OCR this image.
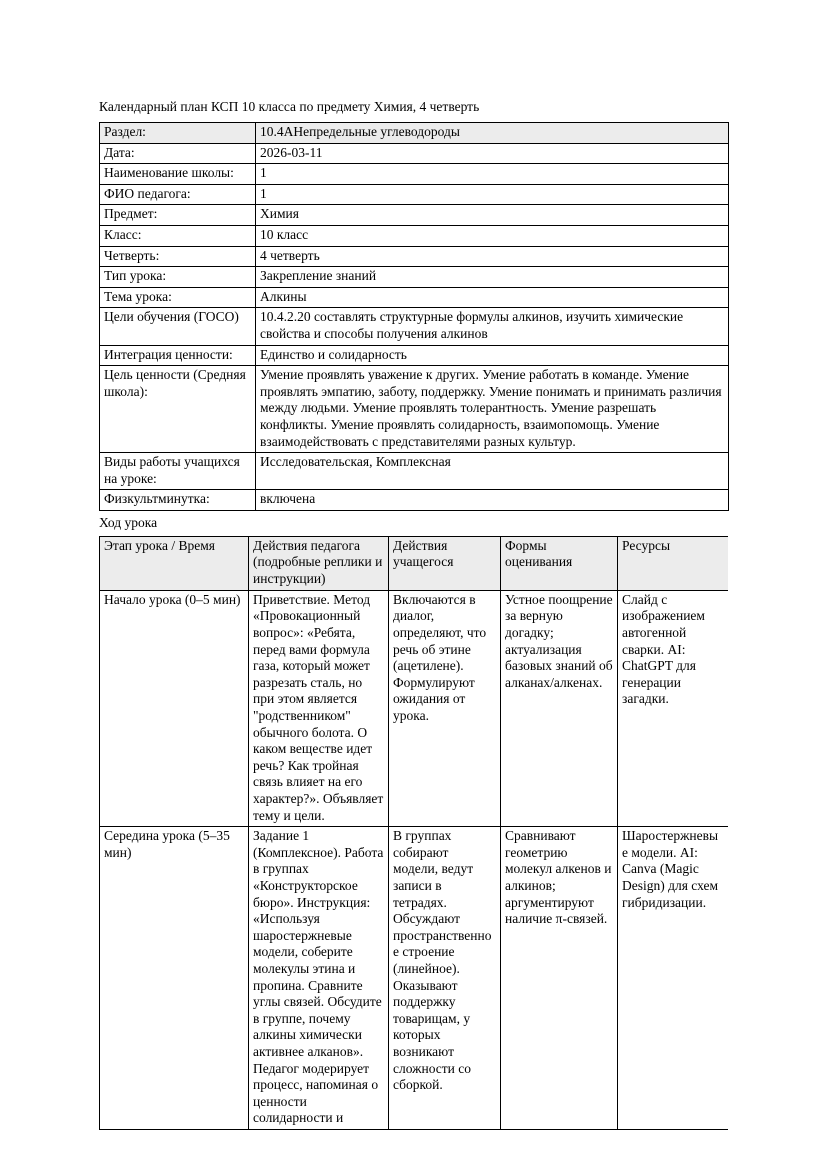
Календарный план КСП 10 класса по предмету Химия, 4 четверть
Раздел:	10.4АНепредельные углеводороды
Дата:	2026-03-11
Наименование школы:	1
ФИО педагога:	1
Предмет:	Химия
Класс:	10 класс
Четверть:	4 четверть
Тип урока:	Закрепление знаний
Тема урока:	Алкины
Цели обучения (ГОСО)	10.4.2.20 составлять структурные формулы алкинов, изучить химические свойства и способы получения алкинов
Интеграция ценности:	Единство и солидарность
Цель ценности (Средняя школа):	Умение проявлять уважение к других. Умение работать в команде. Умение проявлять эмпатию, заботу, поддержку. Умение понимать и принимать различия между людьми. Умение проявлять толерантность. Умение разрешать конфликты. Умение проявлять солидарность, взаимопомощь. Умение взаимодействовать с представителями разных культур.
Виды работы учащихся на уроке:	Исследовательская, Комплексная
Физкультминутка:	включена
Ход урока
Этап урока / Время	Действия педагога (подробные реплики и инструкции)	Действия учащегося	Формы оценивания	Ресурсы
Начало урока (0–5 мин)	Приветствие. Метод «Провокационный вопрос»: «Ребята, перед вами формула газа, который может разрезать сталь, но при этом является "родственником" обычного болота. О каком веществе идет речь? Как тройная связь влияет на его характер?». Объявляет тему и цели.	Включаются в диалог, определяют, что речь об этине (ацетилене). Формулируют ожидания от урока.	Устное поощрение за верную догадку; актуализация базовых знаний об алканах/алкенах.	Слайд с изображением автогенной сварки. AI: ChatGPT для генерации загадки.
Середина урока (5–35 мин)	Задание 1 (Комплексное). Работа в группах «Конструкторское бюро». Инструкция: «Используя шаростержневые модели, соберите молекулы этина и пропина. Сравните углы связей. Обсудите в группе, почему алкины химически активнее алканов». Педагог модерирует процесс, напоминая о ценности солидарности и	В группах собирают модели, ведут записи в тетрадях. Обсуждают пространственное строение (линейное). Оказывают поддержку товарищам, у которых возникают сложности со сборкой.	Сравнивают геометрию молекул алкенов и алкинов; аргументируют наличие π-связей.	Шаростержневые модели. AI: Canva (Magic Design) для схем гибридизации.
